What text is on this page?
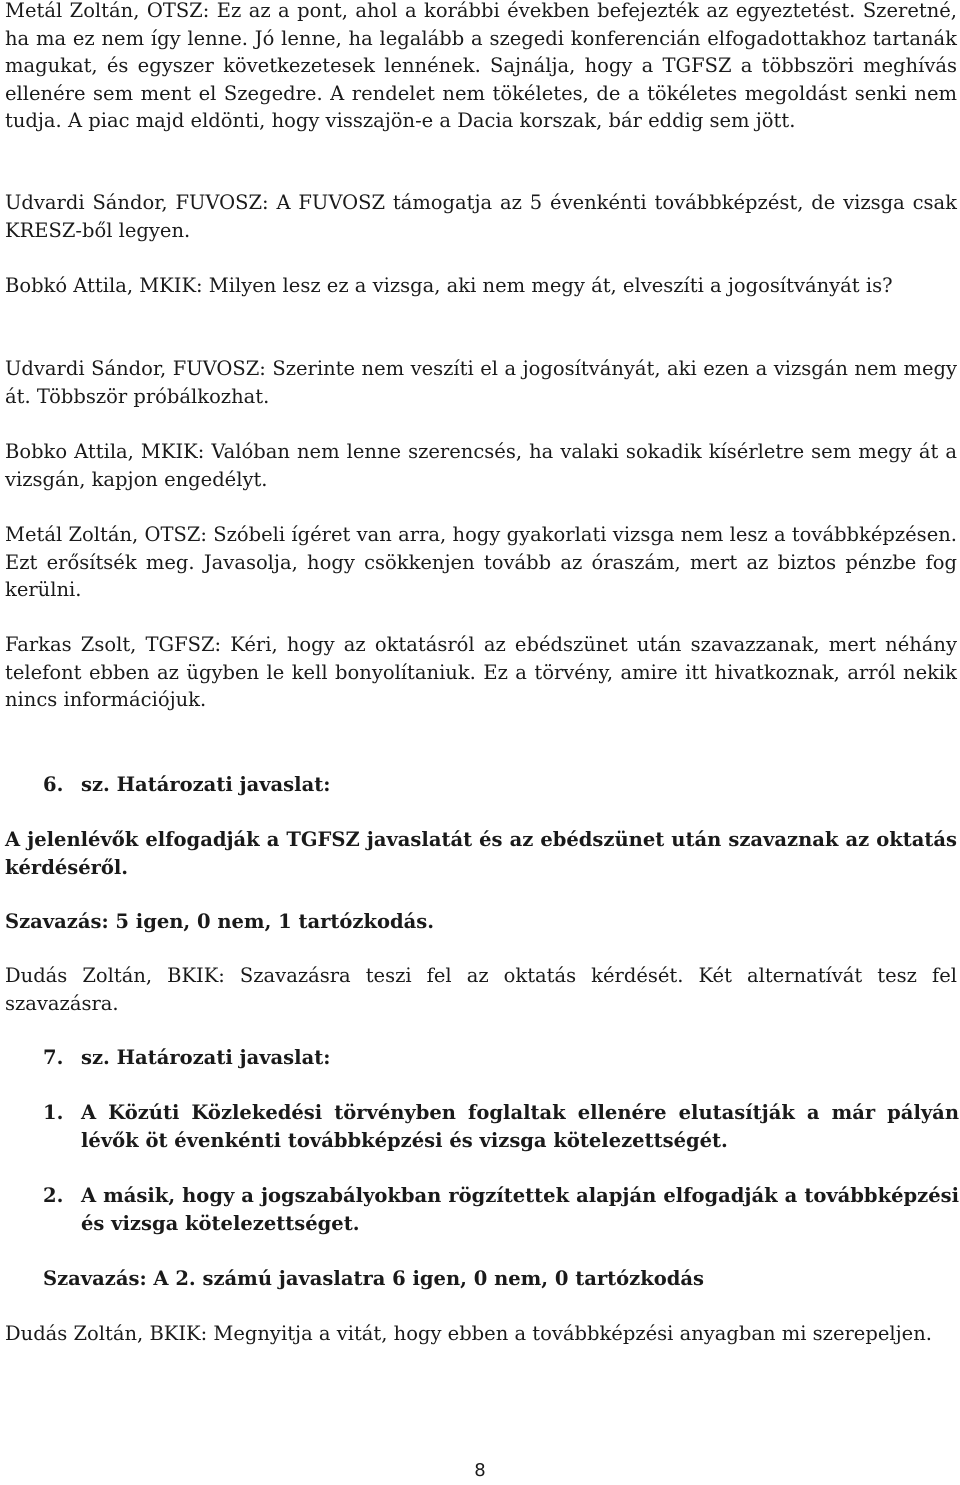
Metál Zoltán, OTSZ: Ez az a pont, ahol a korábbi években befejezték az egyeztetést. Szeretné, ha ma ez nem így lenne. Jó lenne, ha legalább a szegedi konferencián elfogadottakhoz tartanák magukat, és egyszer következetesek lennének. Sajnálja, hogy a TGFSZ a többszöri meghívás ellenére sem ment el Szegedre. A rendelet nem tökéletes, de a tökéletes megoldást senki nem tudja. A piac majd eldönti, hogy visszajön-e a Dacia korszak, bár eddig sem jött.

Udvardi Sándor, FUVOSZ: A FUVOSZ támogatja az 5 évenkénti továbbképzést, de vizsga csak KRESZ-ből legyen.

Bobkó Attila, MKIK: Milyen lesz ez a vizsga, aki nem megy át, elveszíti a jogosítványát is?

Udvardi Sándor, FUVOSZ: Szerinte nem veszíti el a jogosítványát, aki ezen a vizsgán nem megy át. Többször próbálkozhat.

Bobko Attila, MKIK: Valóban nem lenne szerencsés, ha valaki sokadik kísérletre sem megy át a vizsgán, kapjon engedélyt.

Metál Zoltán, OTSZ: Szóbeli ígéret van arra, hogy gyakorlati vizsga nem lesz a továbbképzésen. Ezt erősítsék meg. Javasolja, hogy csökkenjen tovább az óraszám, mert az biztos pénzbe fog kerülni.

Farkas Zsolt, TGFSZ: Kéri, hogy az oktatásról az ebédszünet után szavazzanak, mert néhány telefont ebben az ügyben le kell bonyolítaniuk. Ez a törvény, amire itt hivatkoznak, arról nekik nincs információjuk.

6. sz. Határozati javaslat:

A jelenlévők elfogadják a TGFSZ javaslatát és az ebédszünet után szavaznak az oktatás kérdéséről.

Szavazás: 5 igen, 0 nem, 1 tartózkodás.

Dudás Zoltán, BKIK: Szavazásra teszi fel az oktatás kérdését. Két alternatívát tesz fel szavazásra.

7. sz. Határozati javaslat:

1. A Közúti Közlekedési törvényben foglaltak ellenére elutasítják a már pályán lévők öt évenkénti továbbképzési és vizsga kötelezettségét.
2. A másik, hogy a jogszabályokban rögzítettek alapján elfogadják a továbbképzési és vizsga kötelezettséget.

Szavazás: A 2. számú javaslatra 6 igen, 0 nem, 0 tartózkodás

Dudás Zoltán, BKIK: Megnyitja a vitát, hogy ebben a továbbképzési anyagban mi szerepeljen.

8
